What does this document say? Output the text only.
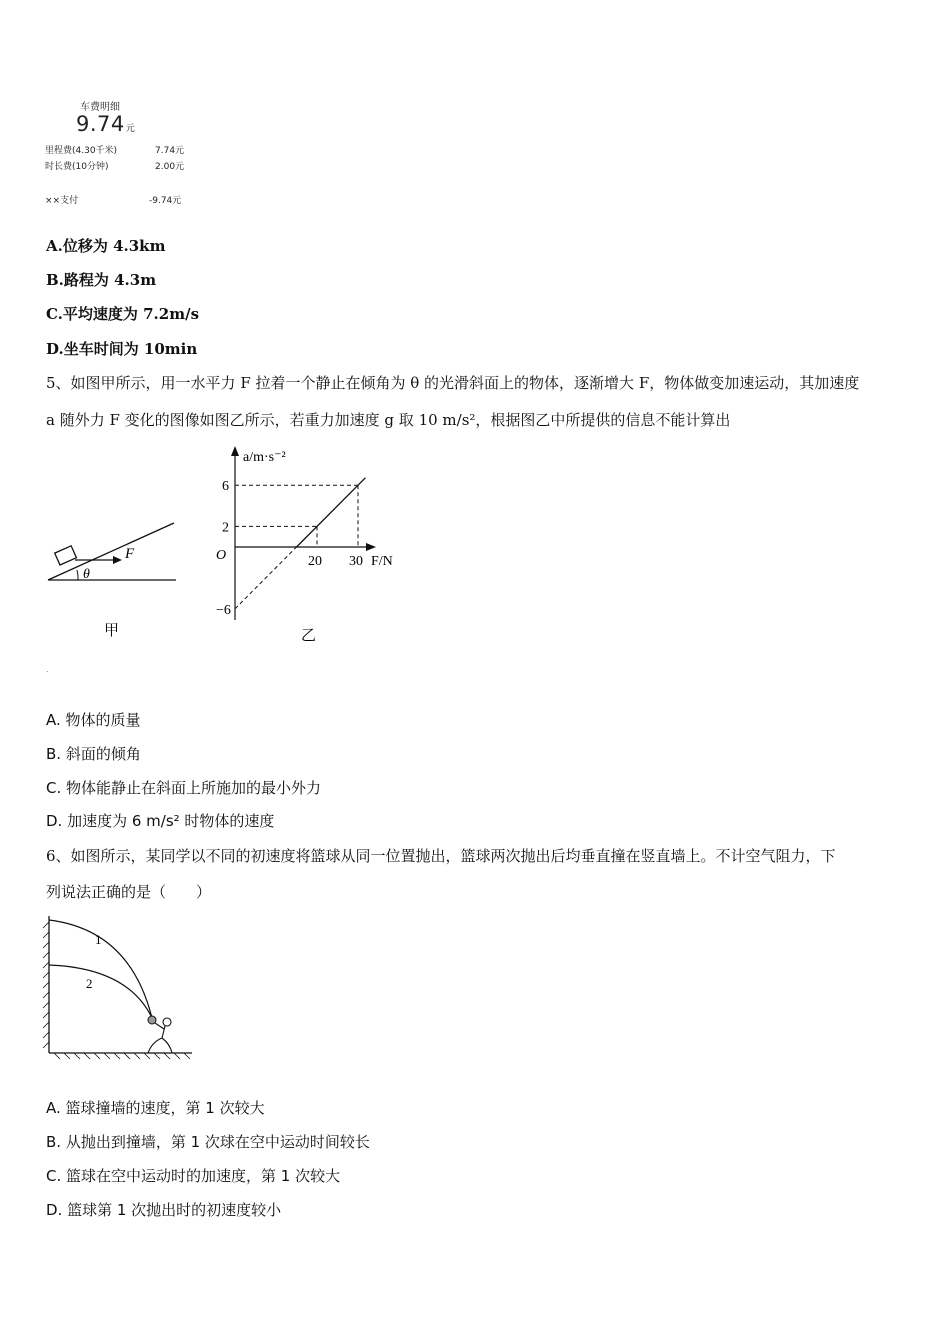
车费明细
9.74元
里程费(4.30千米)	7.74元
时长费(10分钟)	2.00元
××支付	-9.74元
A.位移为 4.3km
B.路程为 4.3m
C.平均速度为 7.2m/s
D.坐车时间为 10min
5、如图甲所示，用一水平力 F 拉着一个静止在倾角为 θ 的光滑斜面上的物体，逐渐增大 F，物体做变加速运动，其加速度
a 随外力 F 变化的图像如图乙所示，若重力加速度 g 取 10 m/s²，根据图乙中所提供的信息不能计算出
F
θ
甲
a/m·s⁻²
F/N
O	20 30
6
2
−6
乙
.
A. 物体的质量
B. 斜面的倾角
C. 物体能静止在斜面上所施加的最小外力
D. 加速度为 6 m/s² 时物体的速度
6、如图所示，某同学以不同的初速度将篮球从同一位置抛出，篮球两次抛出后均垂直撞在竖直墙上。不计空气阻力，下
列说法正确的是（　　）
1
2
A. 篮球撞墙的速度，第 1 次较大
B. 从抛出到撞墙，第 1 次球在空中运动时间较长
C. 篮球在空中运动时的加速度，第 1 次较大
D. 篮球第 1 次抛出时的初速度较小
